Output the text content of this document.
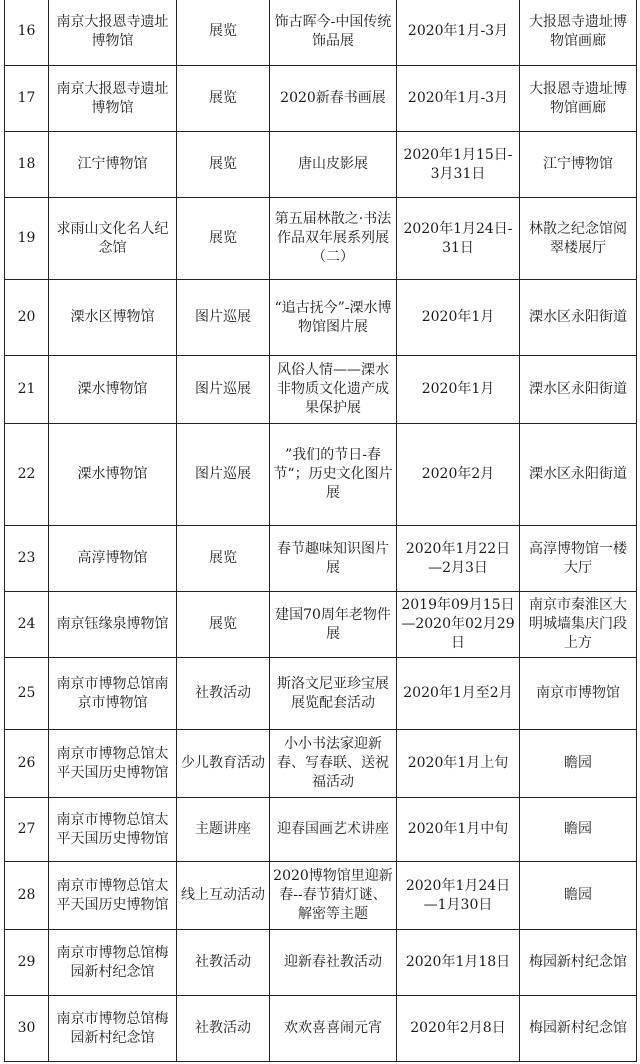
16	南京大报恩寺遗址博物馆	展览	饰古晖今-中国传统饰品展	2020年1月-3月	大报恩寺遗址博物馆画廊
17	南京大报恩寺遗址博物馆	展览	2020新春书画展	2020年1月-3月	大报恩寺遗址博物馆画廊
18	江宁博物馆	展览	唐山皮影展	2020年1月15日-3月31日	江宁博物馆
19	求雨山文化名人纪念馆	展览	第五届林散之·书法作品双年展系列展（二）	2020年1月24日-31日	林散之纪念馆阅翠楼展厅
20	溧水区博物馆	图片巡展	“追古抚今”-溧水博物馆图片展	2020年1月	溧水区永阳街道
21	溧水博物馆	图片巡展	风俗人情——溧水非物质文化遗产成果保护展	2020年1月	溧水区永阳街道
22	溧水博物馆	图片巡展	”我们的节日-春节“；历史文化图片展	2020年2月	溧水区永阳街道
23	高淳博物馆	展览	春节趣味知识图片展	2020年1月22日—2月3日	高淳博物馆一楼大厅
24	南京钰缘泉博物馆	展览	建国70周年老物件展	2019年09月15日—2020年02月29日	南京市秦淮区大明城墙集庆门段上方
25	南京市博物总馆南京市博物馆	社教活动	斯洛文尼亚珍宝展展览配套活动	2020年1月至2月	南京市博物馆
26	南京市博物总馆太平天国历史博物馆	少儿教育活动	小小书法家迎新春、写春联、送祝福活动	2020年1月上旬	瞻园
27	南京市博物总馆太平天国历史博物馆	主题讲座	迎春国画艺术讲座	2020年1月中旬	瞻园
28	南京市博物总馆太平天国历史博物馆	线上互动活动	2020博物馆里迎新春--春节猜灯谜、解密等主题	2020年1月24日—1月30日	瞻园
29	南京市博物总馆梅园新村纪念馆	社教活动	迎新春社教活动	2020年1月18日	梅园新村纪念馆
30	南京市博物总馆梅园新村纪念馆	社教活动	欢欢喜喜闹元宵	2020年2月8日	梅园新村纪念馆
